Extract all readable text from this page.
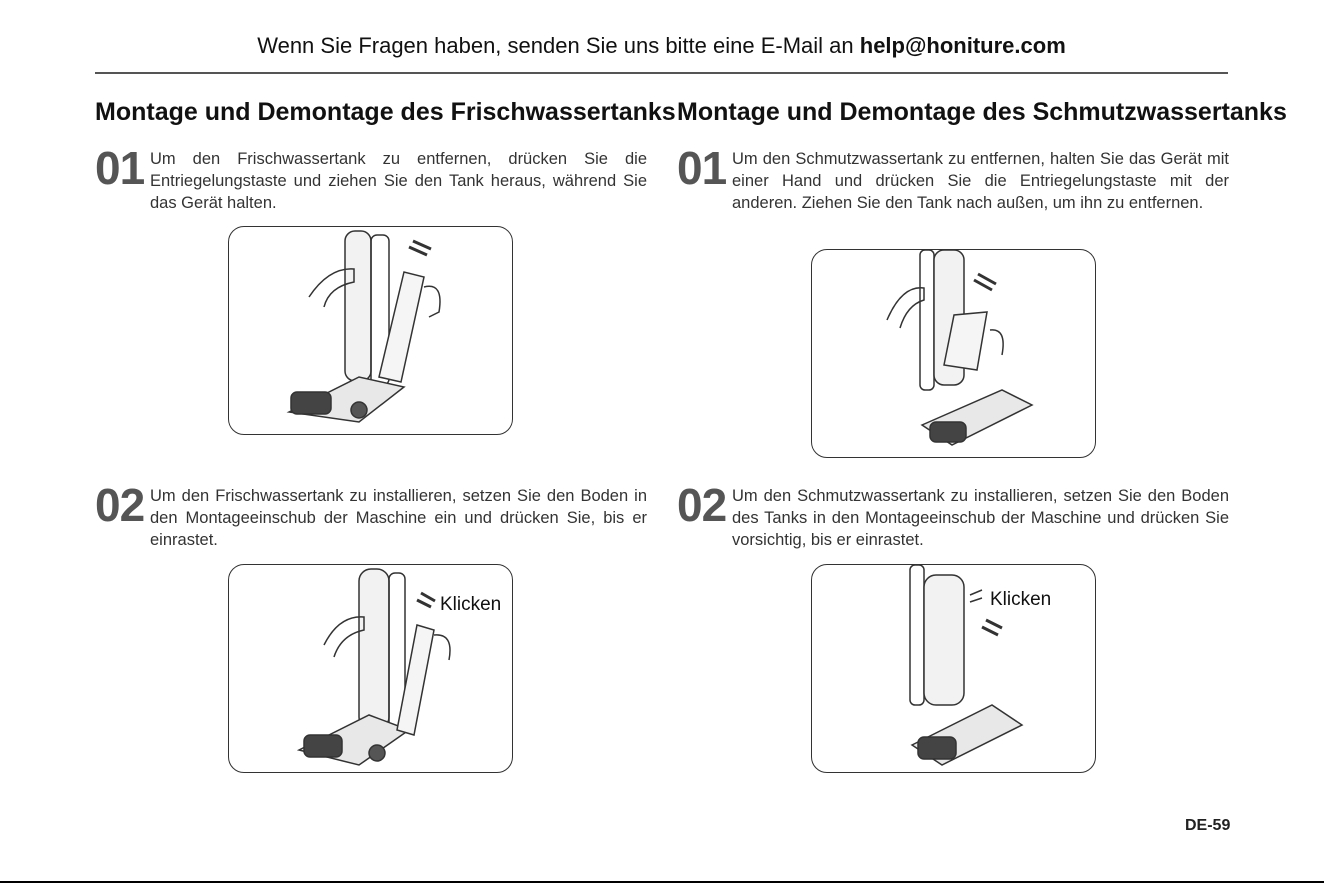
Wenn Sie Fragen haben, senden Sie uns bitte eine E-Mail an help@honiture.com
Montage und Demontage des Frischwassertanks
01 Um den Frischwassertank zu entfernen, drücken Sie die Entriegelungstaste und ziehen Sie den Tank heraus, während Sie das Gerät halten.
02 Um den Frischwassertank zu installieren, setzen Sie den Boden in den Montageeinschub der Maschine ein und drücken Sie, bis er einrastet.
Klicken
Montage und Demontage des Schmutzwassertanks
01 Um den Schmutzwassertank zu entfernen, halten Sie das Gerät mit einer Hand und drücken Sie die Entriegelungstaste mit der anderen. Ziehen Sie den Tank nach außen, um ihn zu entfernen.
02 Um den Schmutzwassertank zu installieren, setzen Sie den Boden des Tanks in den Montageeinschub der Maschine und drücken Sie vorsichtig, bis er einrastet.
Klicken
DE-59
